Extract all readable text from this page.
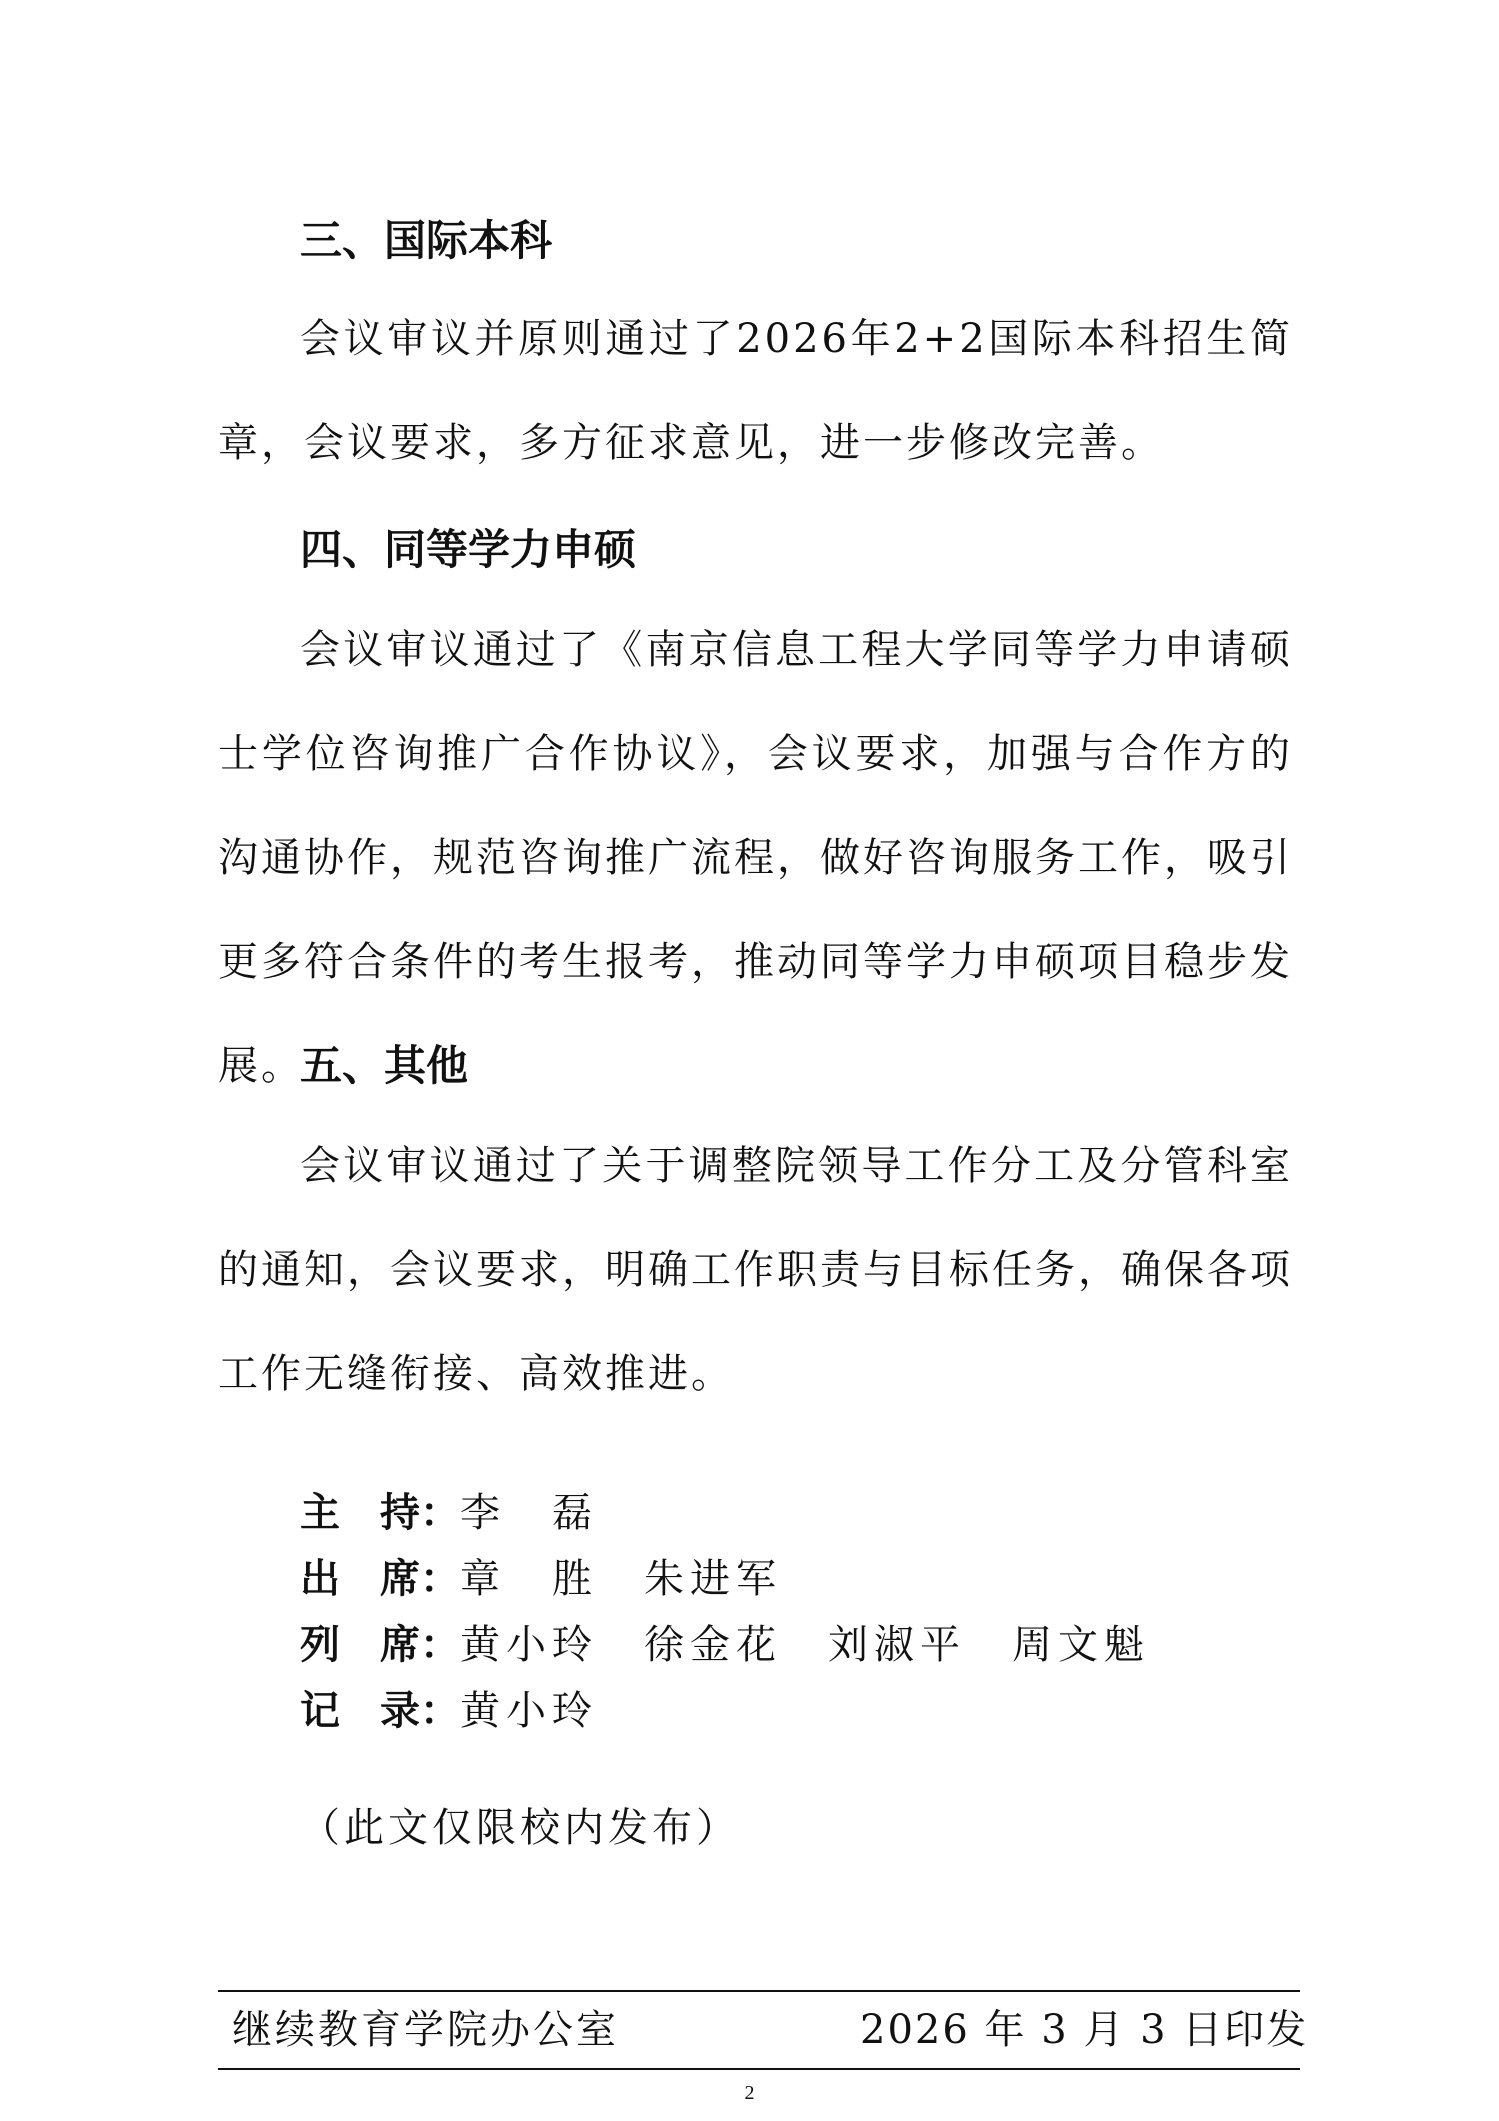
三、国际本科

会议审议并原则通过了2026年2+2国际本科招生简章，会议要求，多方征求意见，进一步修改完善。

四、同等学力申硕

会议审议通过了《南京信息工程大学同等学力申请硕士学位咨询推广合作协议》，会议要求，加强与合作方的沟通协作，规范咨询推广流程，做好咨询服务工作，吸引更多符合条件的考生报考，推动同等学力申硕项目稳步发展。

五、其他

会议审议通过了关于调整院领导工作分工及分管科室的通知，会议要求，明确工作职责与目标任务，确保各项工作无缝衔接、高效推进。

主　持：李　磊
出　席：章　胜　朱进军
列　席：黄小玲　徐金花　刘淑平　周文魁
记　录：黄小玲
（此文仅限校内发布）
继续教育学院办公室	2026 年 3 月 3 日印发
2
